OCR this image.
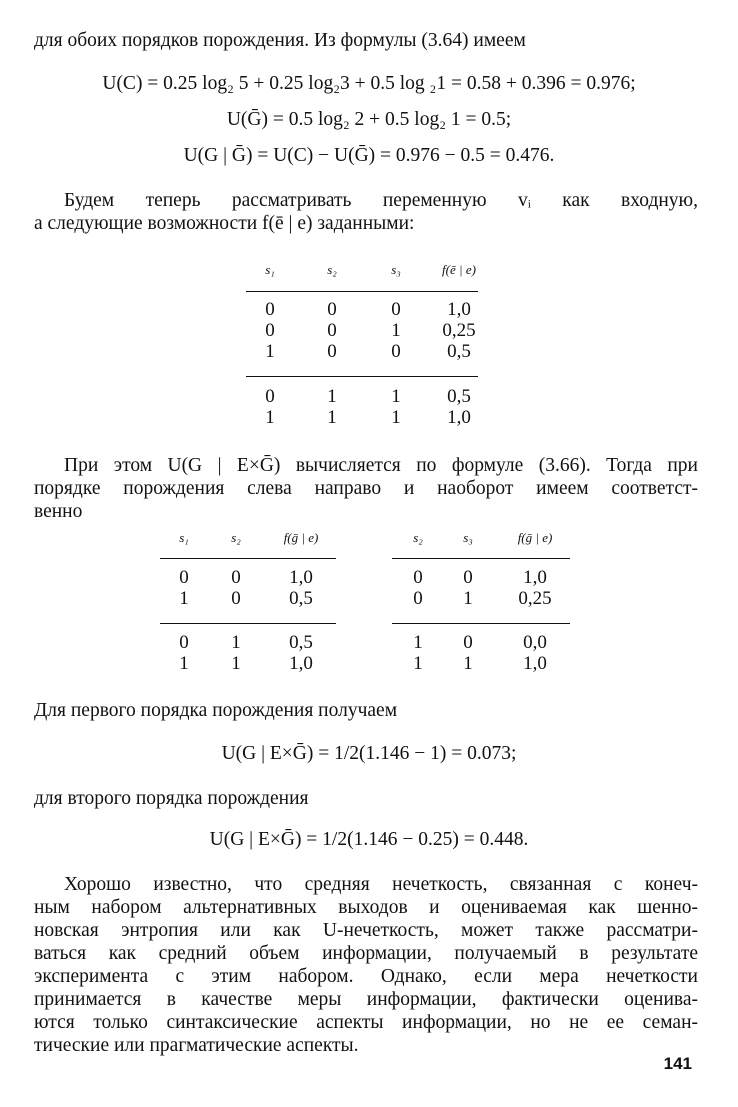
для обоих порядков порождения. Из формулы (3.64) имеем
U(C) = 0.25 log₂ 5 + 0.25 log₂3 + 0.5 log ₂1 = 0.58 + 0.396 = 0.976;
U(Ḡ) = 0.5 log₂ 2 + 0.5 log₂ 1 = 0.5;
U(G | Ḡ) = U(C) − U(Ḡ) = 0.976 − 0.5 = 0.476.
Будем теперь рассматривать переменную vᵢ как входную,
а следующие возможности f(ē | e) заданными:
s₁	s₂	s₃	f(ē | e)
0	0	0	1,0
0	0	1	0,25
1	0	0	0,5
0	1	1	0,5
1	1	1	1,0
При этом U(G | E×Ḡ) вычисляется по формуле (3.66). Тогда при
порядке порождения слева направо и наоборот имеем соответст-
венно
s₁	s₂	f(ḡ | e)
0	0	1,0
1	0	0,5
0	1	0,5
1	1	1,0
s₂	s₃	f(ḡ | e)
0	0	1,0
0	1	0,25
1	0	0,0
1	1	1,0
Для первого порядка порождения получаем
U(G | E×Ḡ) = 1/2(1.146 − 1) = 0.073;
для второго порядка порождения
U(G | E×Ḡ) = 1/2(1.146 − 0.25) = 0.448.
Хорошо известно, что средняя нечеткость, связанная с конеч-
ным набором альтернативных выходов и оцениваемая как шенно-
новская энтропия или как U-нечеткость, может также рассматри-
ваться как средний объем информации, получаемый в результате
эксперимента с этим набором. Однако, если мера нечеткости
принимается в качестве меры информации, фактически оценива-
ются только синтаксические аспекты информации, но не ее семан-
тические или прагматические аспекты.
141
